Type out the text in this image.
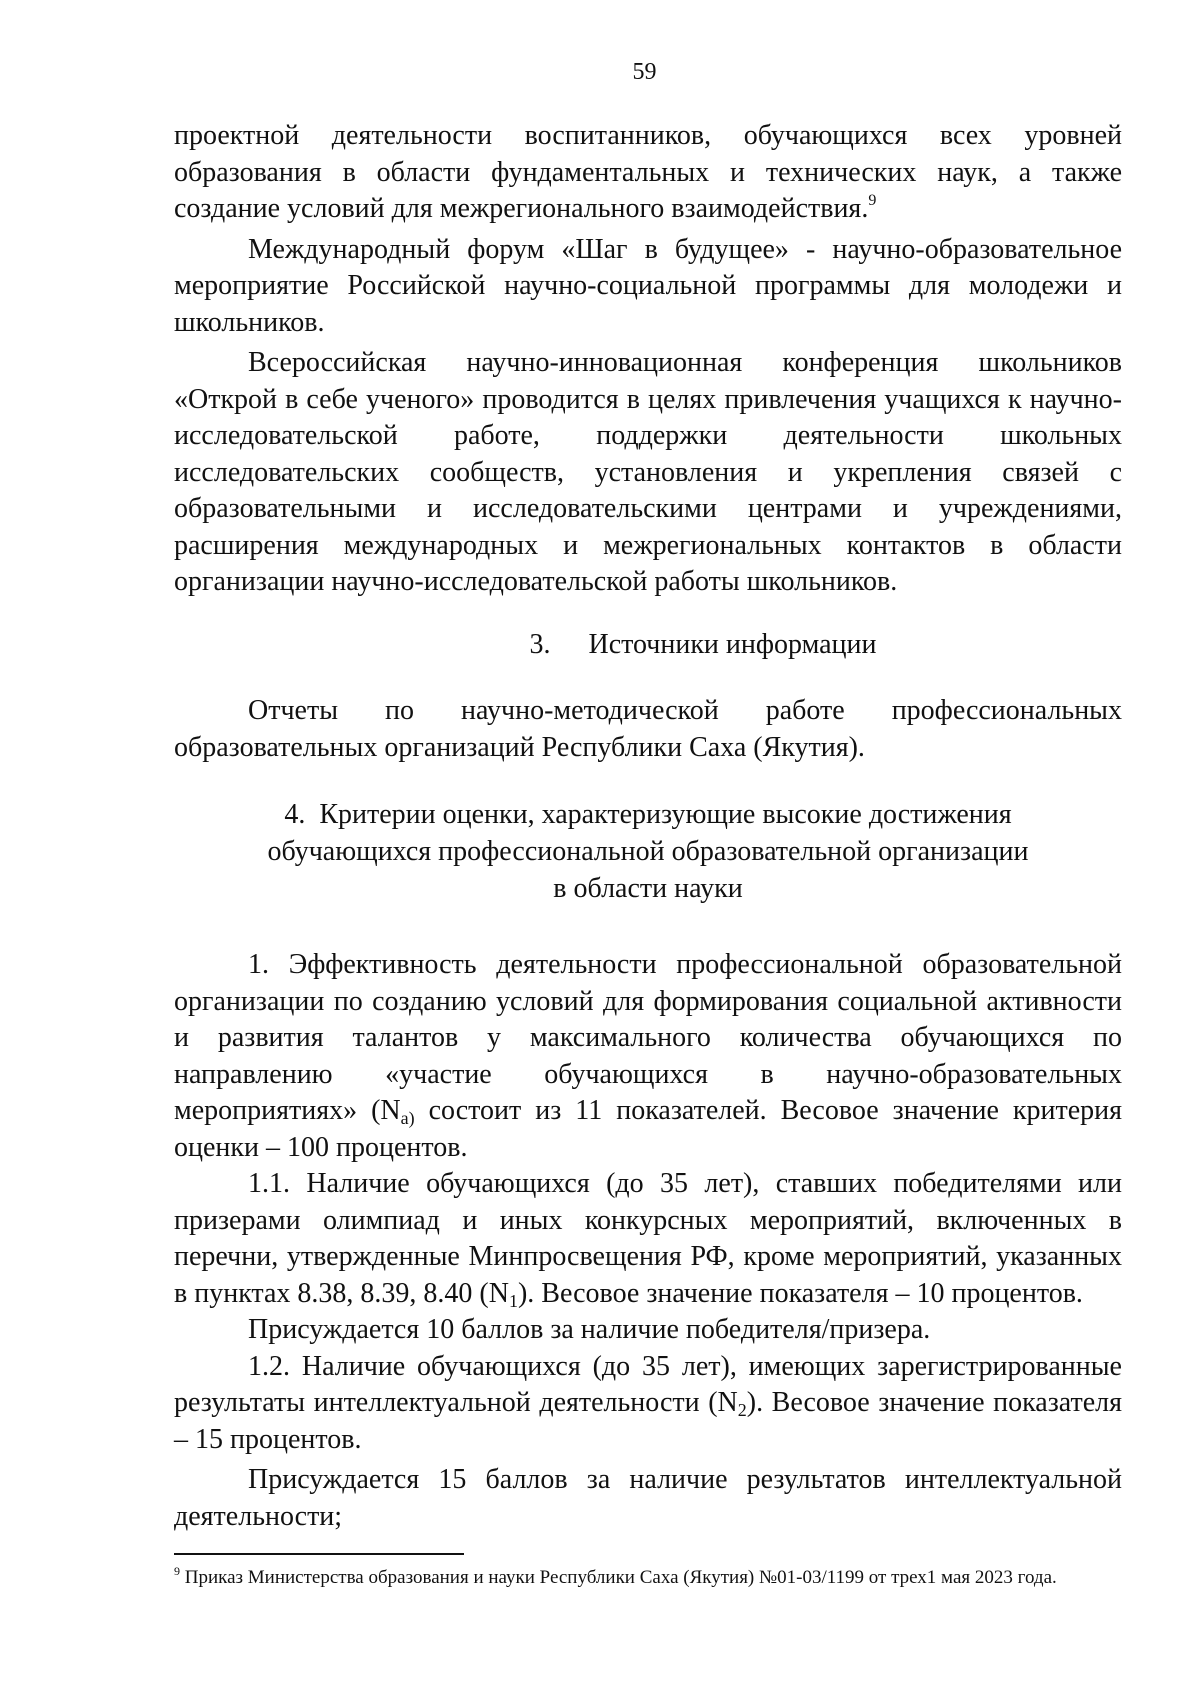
59

проектной деятельности воспитанников, обучающихся всех уровней образования в области фундаментальных и технических наук, а также создание условий для межрегионального взаимодействия.$^9$

Международный форум «Шаг в будущее» - научно-образовательное мероприятие Российской научно-социальной программы для молодежи и школьников.

Всероссийская научно-инновационная конференция школьников «Открой в себе ученого» проводится в целях привлечения учащихся к научно-исследовательской работе, поддержки деятельности школьных исследовательских сообществ, установления и укрепления связей с образовательными и исследовательскими центрами и учреждениями, расширения международных и межрегиональных контактов в области организации научно-исследовательской работы школьников.

3. Источники информации

Отчеты по научно-методической работе профессиональных образовательных организаций Республики Саха (Якутия).

4. Критерии оценки, характеризующие высокие достижения
обучающихся профессиональной образовательной организации
в области науки

1. Эффективность деятельности профессиональной образовательной организации по созданию условий для формирования социальной активности и развития талантов у максимального количества обучающихся по направлению «участие обучающихся в научно-образовательных мероприятиях» ($N_{a)}$ состоит из 11 показателей. Весовое значение критерия оценки – 100 процентов.

1.1. Наличие обучающихся (до 35 лет), ставших победителями или призерами олимпиад и иных конкурсных мероприятий, включенных в перечни, утвержденные Минпросвещения РФ, кроме мероприятий, указанных в пунктах 8.38, 8.39, 8.40 $(N_1)$. Весовое значение показателя – 10 процентов.

Присуждается 10 баллов за наличие победителя/призера.

1.2. Наличие обучающихся (до 35 лет), имеющих зарегистрированные результаты интеллектуальной деятельности $(N_2)$. Весовое значение показателя – 15 процентов.

Присуждается 15 баллов за наличие результатов интеллектуальной деятельности;

$^9$ Приказ Министерства образования и науки Республики Саха (Якутия) №01-03/1199 от трех1 мая 2023 года.
